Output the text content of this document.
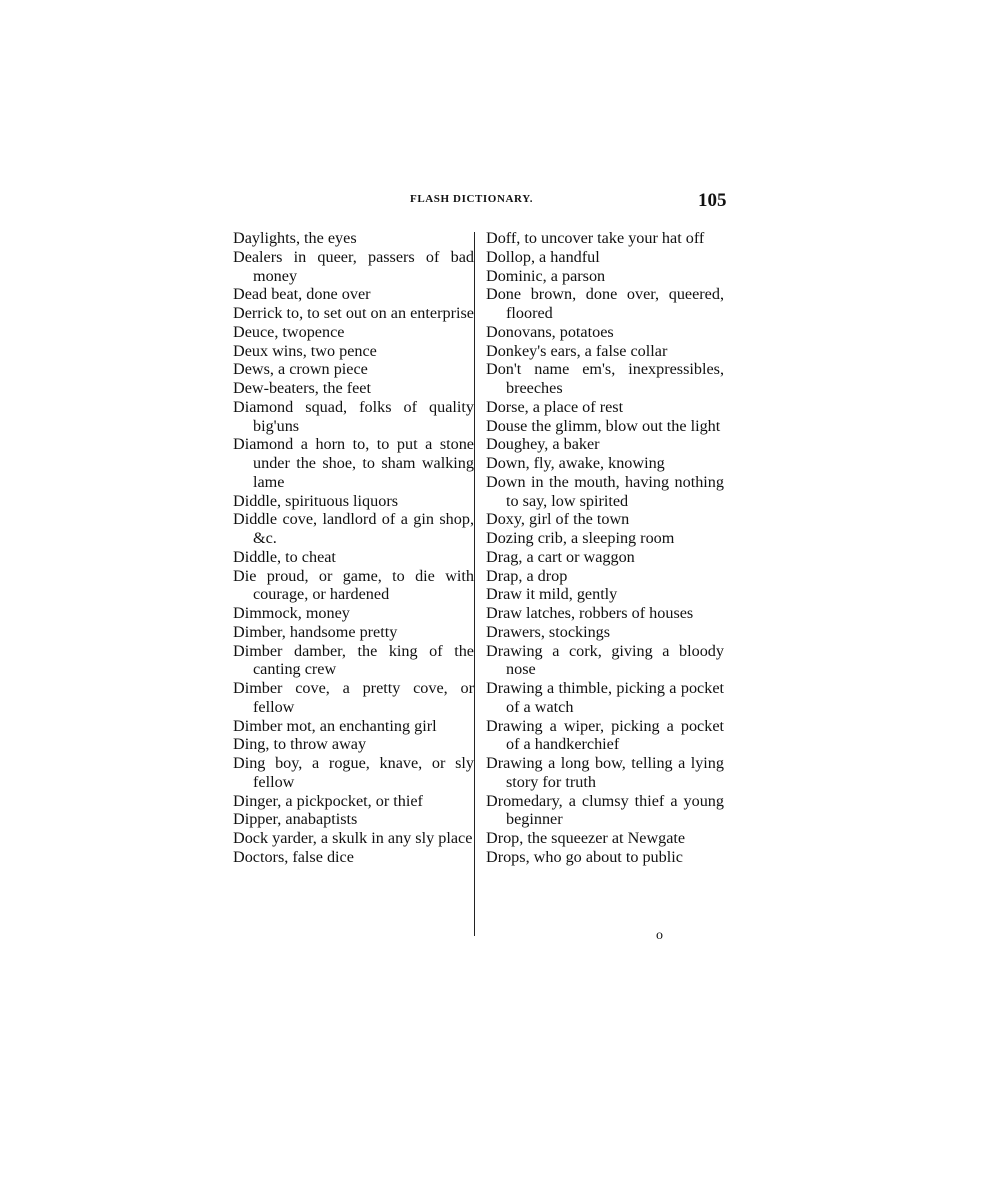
FLASH DICTIONARY.	105

Daylights, the eyes

Dealers in queer, passers of bad money

Dead beat, done over

Derrick to, to set out on an enterprise

Deuce, twopence

Deux wins, two pence

Dews, a crown piece

Dew-beaters, the feet

Diamond squad, folks of quality big'uns

Diamond a horn to, to put a stone under the shoe, to sham walking lame

Diddle, spirituous liquors

Diddle cove, landlord of a gin shop, &c.

Diddle, to cheat

Die proud, or game, to die with courage, or hardened

Dimmock, money

Dimber, handsome pretty

Dimber damber, the king of the canting crew

Dimber cove, a pretty cove, or fellow

Dimber mot, an enchanting girl

Ding, to throw away

Ding boy, a rogue, knave, or sly fellow

Dinger, a pickpocket, or thief

Dipper, anabaptists

Dock yarder, a skulk in any sly place

Doctors, false dice

Doff, to uncover take your hat off

Dollop, a handful

Dominic, a parson

Done brown, done over, queered, floored

Donovans, potatoes

Donkey's ears, a false collar

Don't name em's, inexpressibles, breeches

Dorse, a place of rest

Douse the glimm, blow out the light

Doughey, a baker

Down, fly, awake, knowing

Down in the mouth, having nothing to say, low spirited

Doxy, girl of the town

Dozing crib, a sleeping room

Drag, a cart or waggon

Drap, a drop

Draw it mild, gently

Draw latches, robbers of houses

Drawers, stockings

Drawing a cork, giving a bloody nose

Drawing a thimble, picking a pocket of a watch

Drawing a wiper, picking a pocket of a handkerchief

Drawing a long bow, telling a lying story for truth

Dromedary, a clumsy thief a young beginner

Drop, the squeezer at Newgate

Drops, who go about to public

o
